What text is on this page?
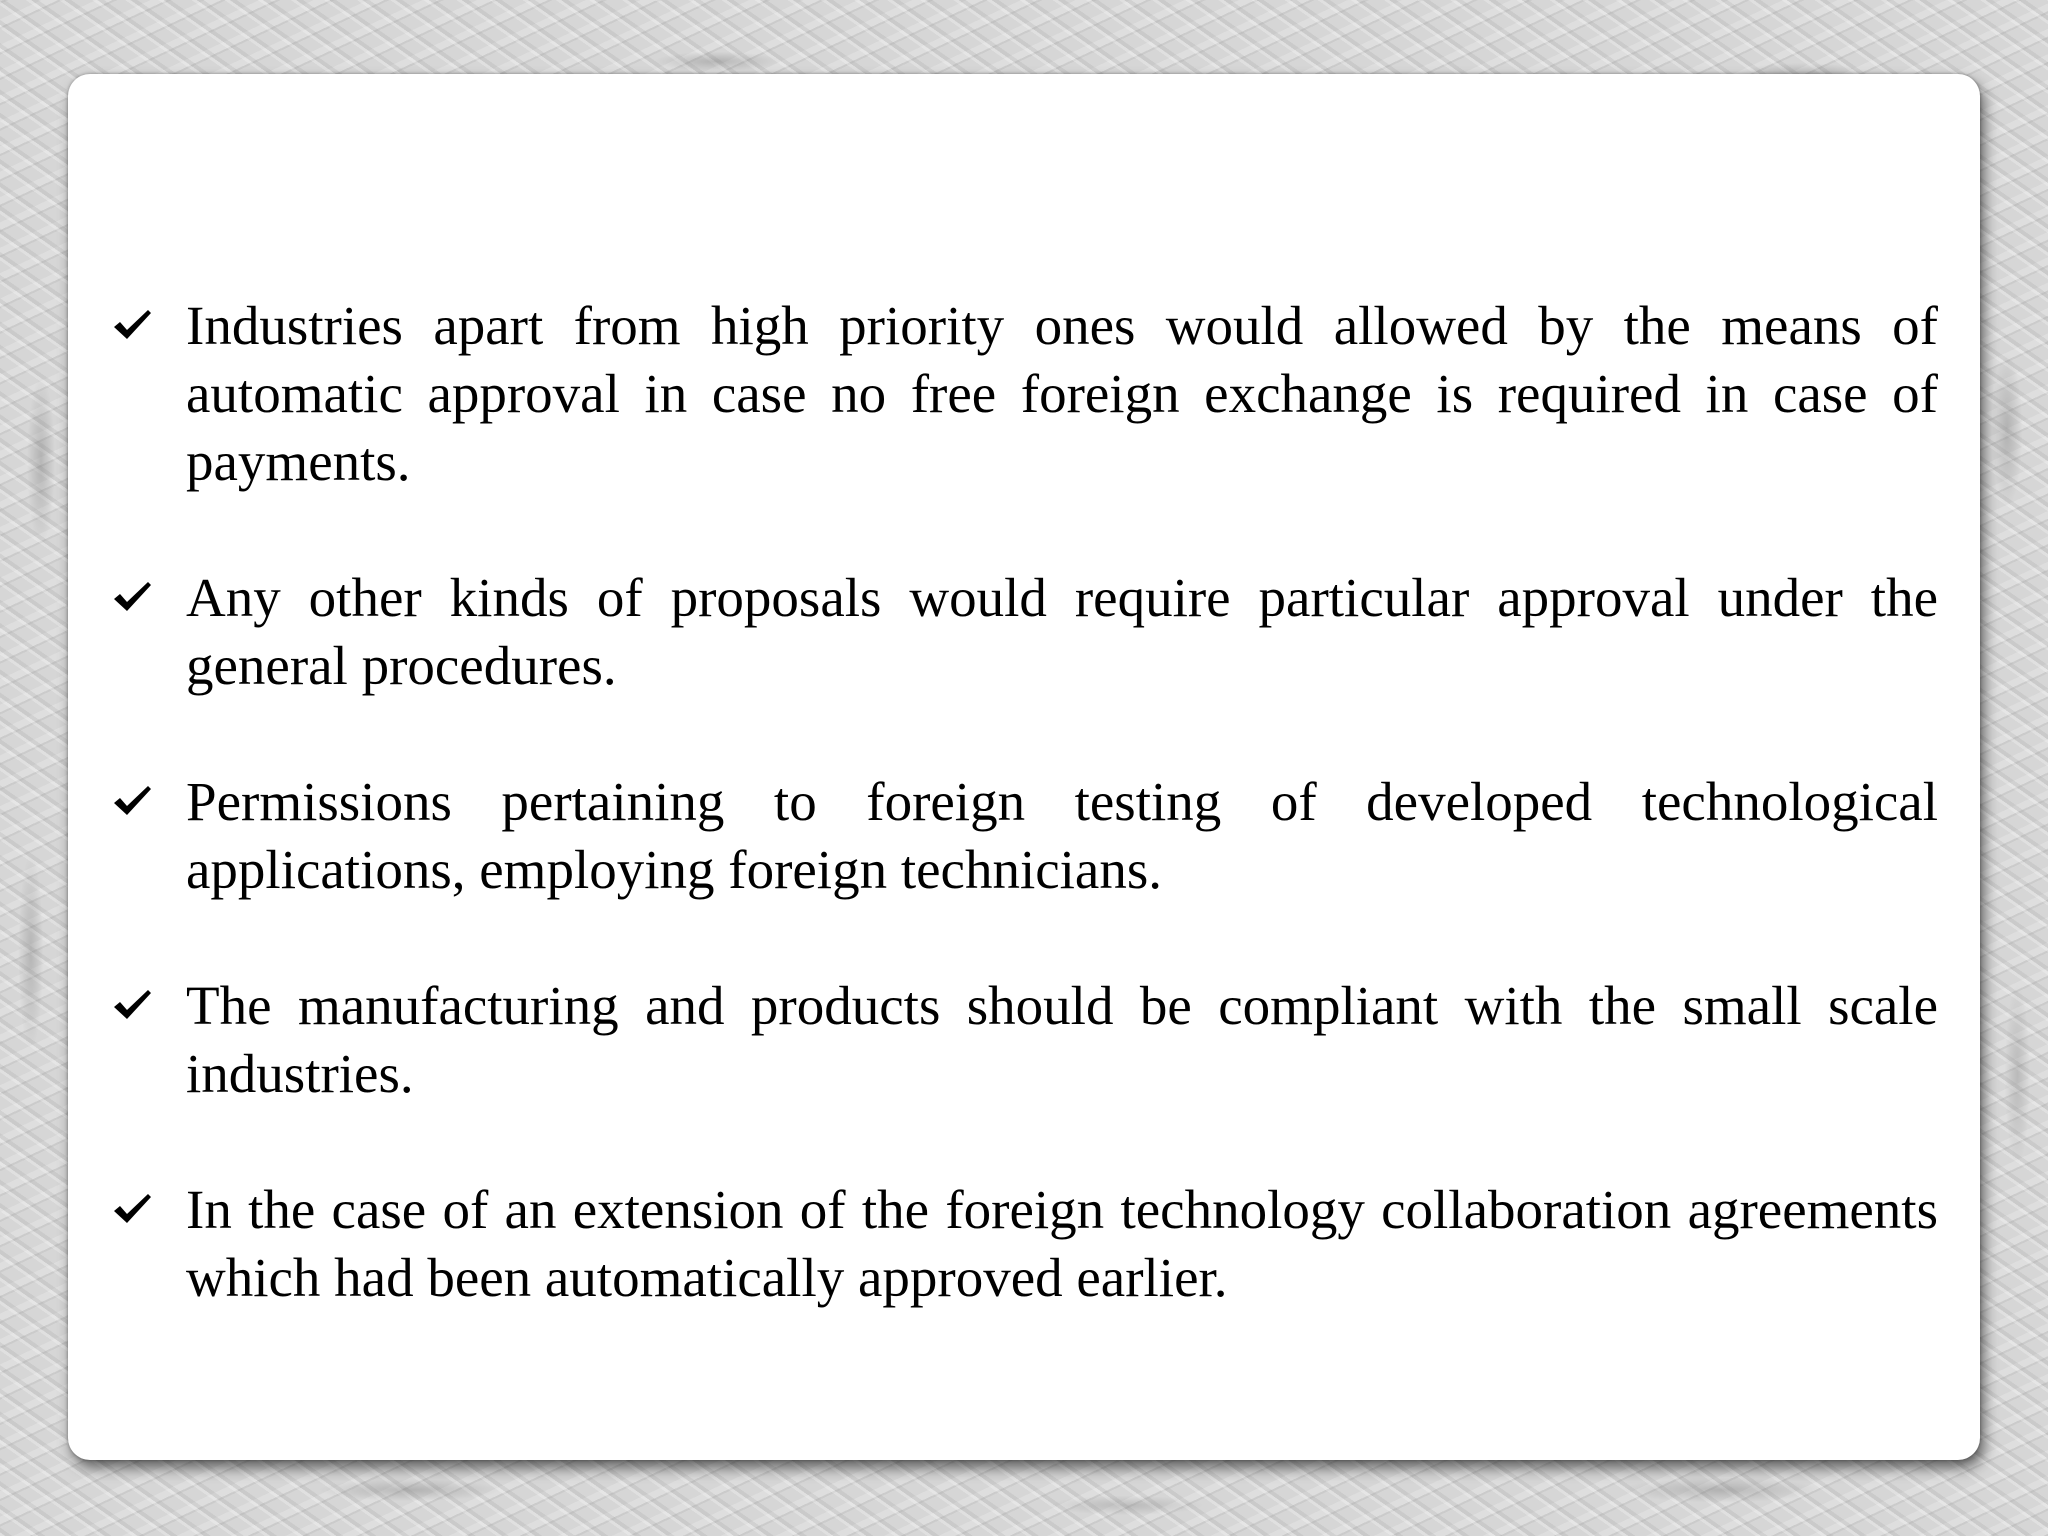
Industries apart from high priority ones would allowed by the means of automatic approval in case no free foreign exchange is required in case of payments.
Any other kinds of proposals would require particular approval under the general procedures.
Permissions pertaining to foreign testing of developed technological applications, employing foreign technicians.
The manufacturing and products should be compliant with the small scale industries.
In the case of an extension of the foreign technology collaboration agreements which had been automatically approved earlier.
